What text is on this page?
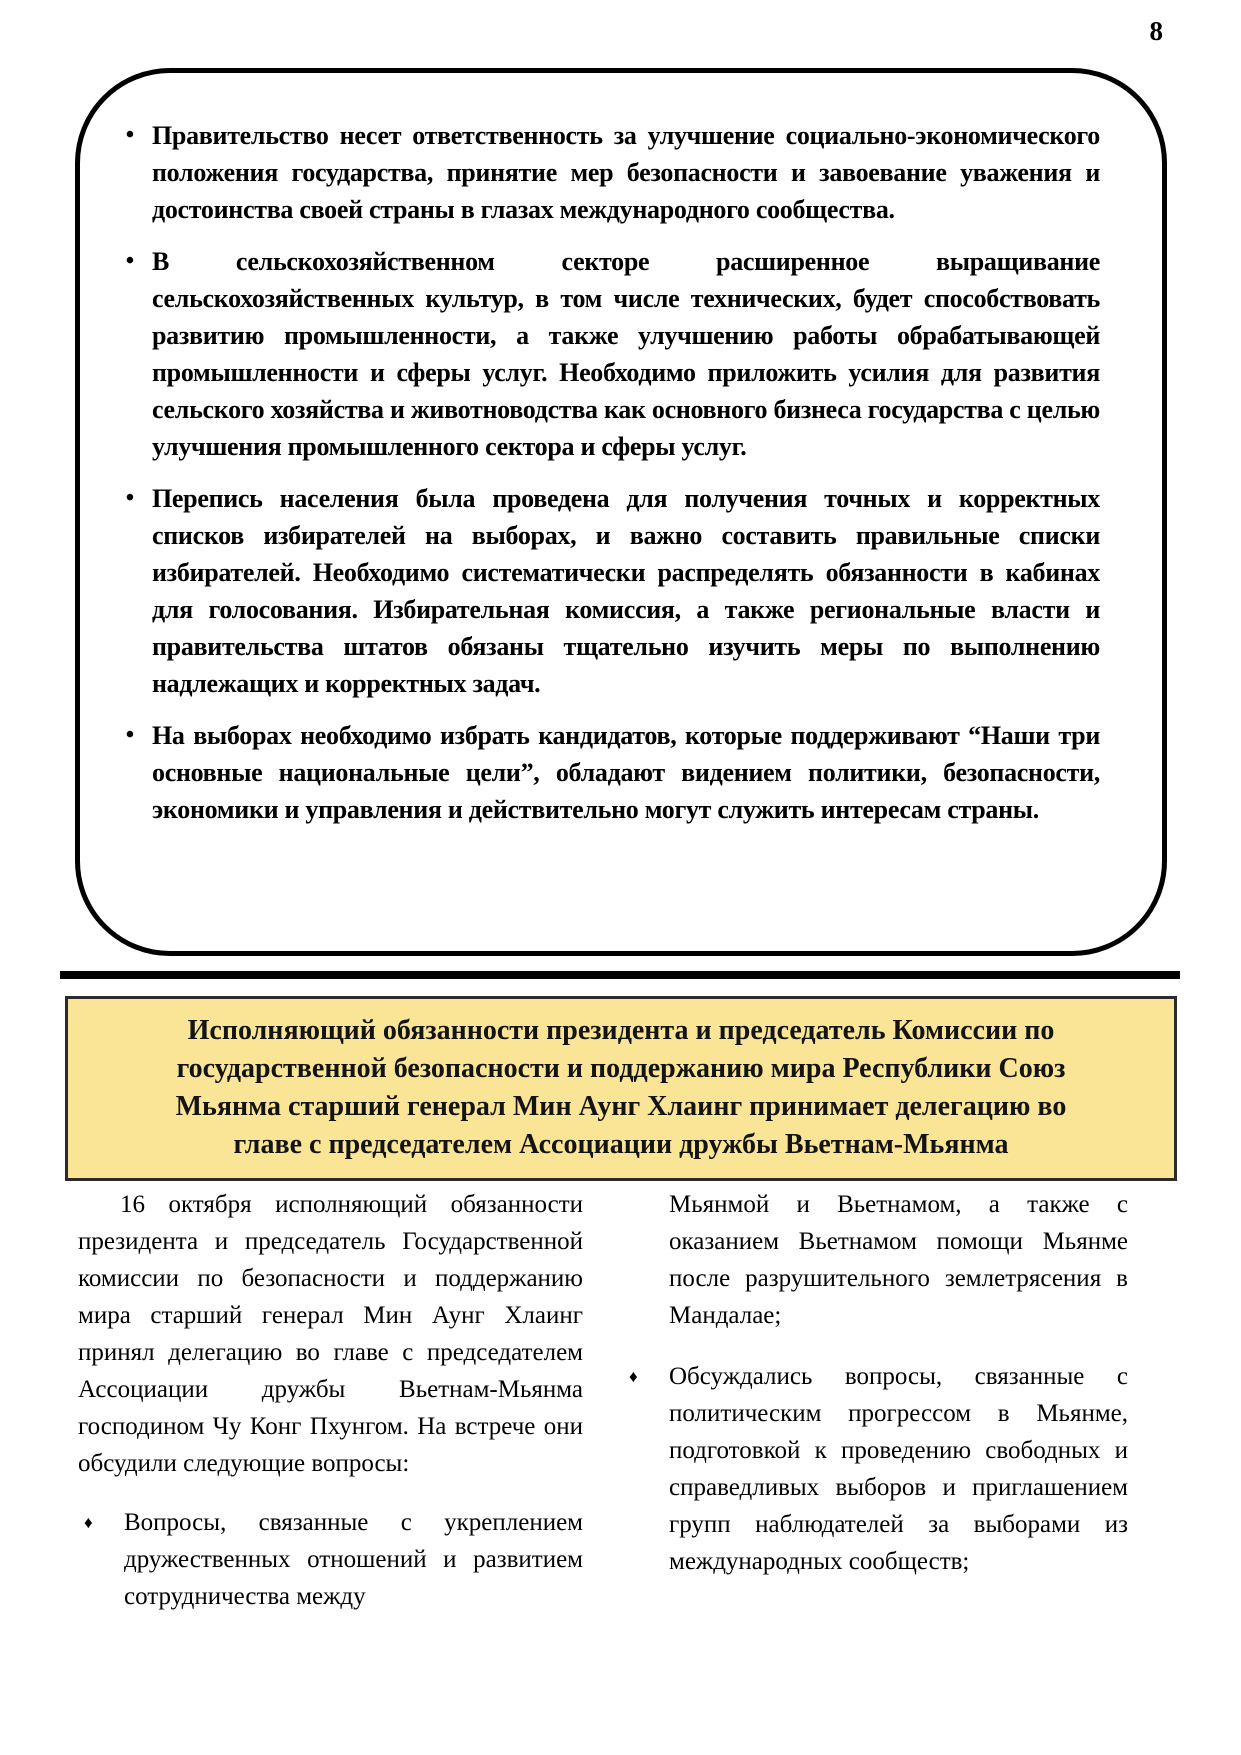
8
• Правительство несет ответственность за улучшение социально-экономического положения государства, принятие мер безопасности и завоевание уважения и достоинства своей страны в глазах международного сообщества.
• В сельскохозяйственном секторе расширенное выращивание сельскохозяйственных культур, в том числе технических, будет способствовать развитию промышленности, а также улучшению работы обрабатывающей промышленности и сферы услуг. Необходимо приложить усилия для развития сельского хозяйства и животноводства как основного бизнеса государства с целью улучшения промышленного сектора и сферы услуг.
• Перепись населения была проведена для получения точных и корректных списков избирателей на выборах, и важно составить правильные списки избирателей. Необходимо систематически распределять обязанности в кабинах для голосования. Избирательная комиссия, а также региональные власти и правительства штатов обязаны тщательно изучить меры по выполнению надлежащих и корректных задач.
• На выборах необходимо избрать кандидатов, которые поддерживают “Наши три основные национальные цели”, обладают видением политики, безопасности, экономики и управления и действительно могут служить интересам страны.
Исполняющий обязанности президента и председатель Комиссии по
государственной безопасности и поддержанию мира Республики Союз
Мьянма старший генерал Мин Аунг Хлаинг принимает делегацию во
главе с председателем Ассоциации дружбы Вьетнам-Мьянма
16 октября исполняющий обязанности президента и председатель Государственной комиссии по безопасности и поддержанию мира старший генерал Мин Аунг Хлаинг принял делегацию во главе с председателем Ассоциации дружбы Вьетнам-Мьянма господином Чу Конг Пхунгом. На встрече они обсудили следующие вопросы:
♦	Вопросы, связанные с укреплением дружественных отношений и развитием сотрудничества между
Мьянмой и Вьетнамом, а также с оказанием Вьетнамом помощи Мьянме после разрушительного землетрясения в Мандалае;
♦	Обсуждались вопросы, связанные с политическим прогрессом в Мьянме, подготовкой к проведению свободных и справедливых выборов и приглашением групп наблюдателей за выборами из международных сообществ;
